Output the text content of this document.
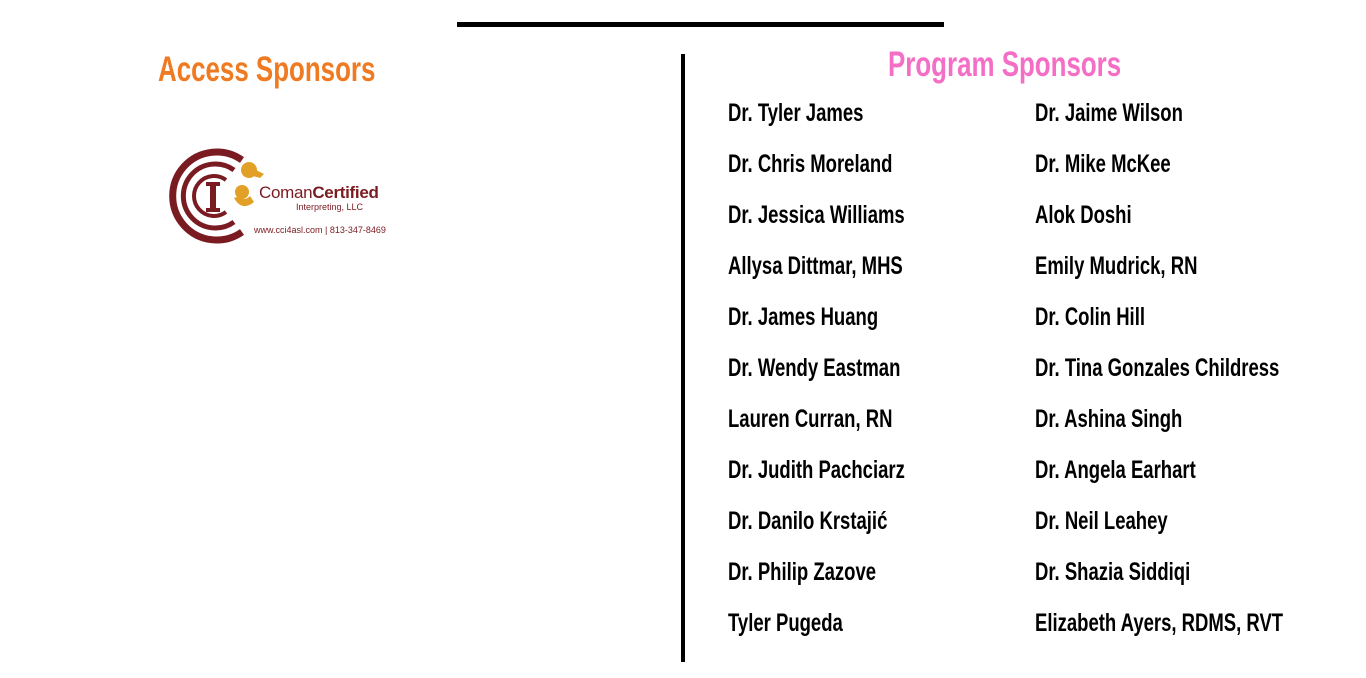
Access Sponsors
ComanCertified
Interpreting, LLC
www.cci4asl.com | 813-347-8469
Program Sponsors
Dr. Tyler James
Dr. Chris Moreland
Dr. Jessica Williams
Allysa Dittmar, MHS
Dr. James Huang
Dr. Wendy Eastman
Lauren Curran, RN
Dr. Judith Pachciarz
Dr. Danilo Krstajić
Dr. Philip Zazove
Tyler Pugeda
Dr. Jaime Wilson
Dr. Mike McKee
Alok Doshi
Emily Mudrick, RN
Dr. Colin Hill
Dr. Tina Gonzales Childress
Dr. Ashina Singh
Dr. Angela Earhart
Dr. Neil Leahey
Dr. Shazia Siddiqi
Elizabeth Ayers, RDMS, RVT
